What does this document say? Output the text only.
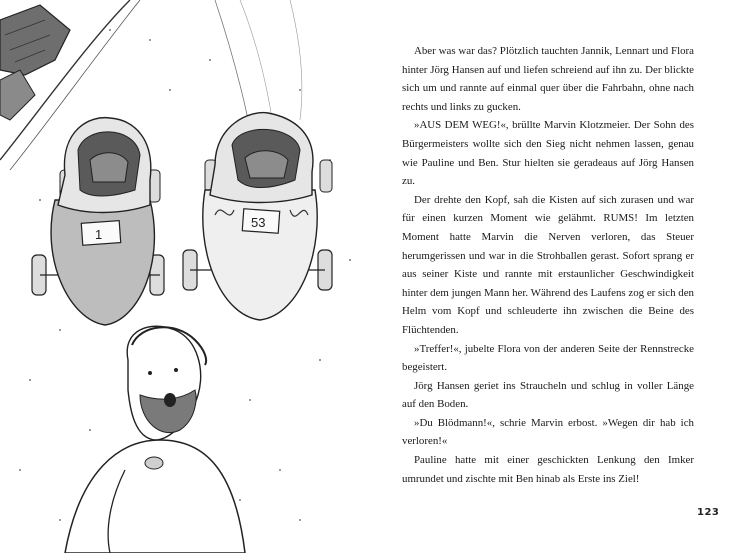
1
53

Aber was war das? Plötzlich tauchten Jannik, Lennart und Flora hinter Jörg Hansen auf und liefen schreiend auf ihn zu. Der blickte sich um und rannte auf einmal quer über die Fahrbahn, ohne nach rechts und links zu gucken.

»AUS DEM WEG!«, brüllte Marvin Klotzmeier. Der Sohn des Bürgermeisters wollte sich den Sieg nicht nehmen lassen, genau wie Pauline und Ben. Stur hielten sie geradeaus auf Jörg Hansen zu.

Der drehte den Kopf, sah die Kisten auf sich zurasen und war für einen kurzen Moment wie gelähmt. RUMS! Im letzten Moment hatte Marvin die Nerven verloren, das Steuer herumgerissen und war in die Strohballen gerast. Sofort sprang er aus seiner Kiste und rannte mit erstaunlicher Geschwindigkeit hinter dem jungen Mann her. Während des Laufens zog er sich den Helm vom Kopf und schleuderte ihn zwischen die Beine des Flüchtenden.

»Treffer!«, jubelte Flora von der anderen Seite der Rennstrecke begeistert.

Jörg Hansen geriet ins Straucheln und schlug in voller Länge auf den Boden.

»Du Blödmann!«, schrie Marvin erbost. »Wegen dir hab ich verloren!«

Pauline hatte mit einer geschickten Lenkung den Imker umrundet und zischte mit Ben hinab als Erste ins Ziel!

123
